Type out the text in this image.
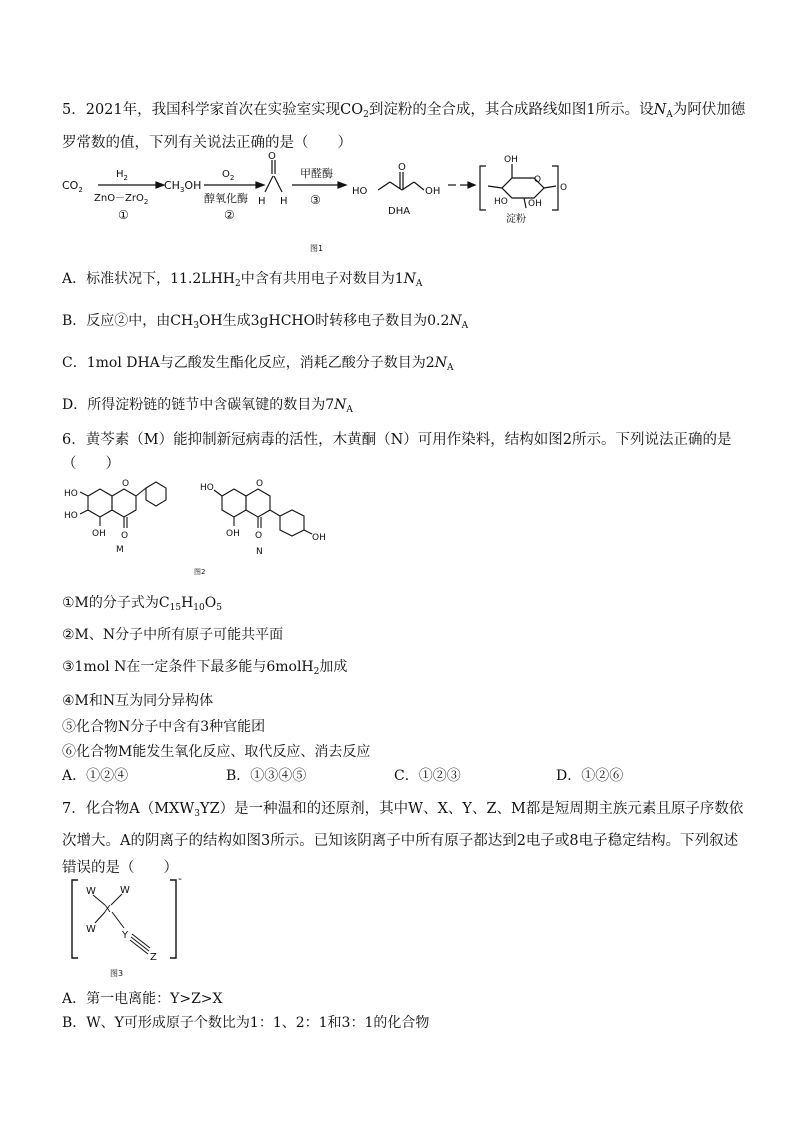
5．2021年，我国科学家首次在实验室实现$CO_2$到淀粉的全合成，其合成路线如图1所示。设$N_A$为阿伏加德
罗常数的值，下列有关说法正确的是（　　）
$CO_2$
$H_2$
ZnO－ZrO$_2$
①
$CH_3OH$
$O_2$
醇氧化酶
②
O
H H
甲醛酶
③
HO
O
OH
DHA
OH
HO
O
OH
O
淀粉
图1
A．标准状况下，$11.2LHH_2$中含有共用电子对数目为$1N_A$
B．反应②中，由$CH_3OH$生成3gHCHO时转移电子数目为$0.2N_A$
C．1mol DHA与乙酸发生酯化反应，消耗乙酸分子数目为$2N_A$
D．所得淀粉链的链节中含碳氧键的数目为$7N_A$
6．黄芩素（M）能抑制新冠病毒的活性，木黄酮（N）可用作染料，结构如图2所示。下列说法正确的是
（　　）
HO
HO
OH
O
O
M
HO
OH
O
O	OH
N
图2
①M的分子式为$C_{15}H_{10}O_5$
②M、N分子中所有原子可能共平面
③1mol N在一定条件下最多能与6molH$_2$加成
④M和N互为同分异构体
⑤化合物N分子中含有3种官能团
⑥化合物M能发生氧化反应、取代反应、消去反应
A．①②④	B．①③④⑤	C．①②③	D．①②⑥
7．化合物$A(MXW_3YZ)$是一种温和的还原剂，其中W、X、Y、Z、M都是短周期主族元素且原子序数依
次增大。A的阴离子的结构如图3所示。已知该阴离子中所有原子都达到2电子或8电子稳定结构。下列叙述
错误的是（　　）
W W
X
W
Y
Z
-
图3
A．第一电离能：Y>Z>X
B．W、Y可形成原子个数比为1：1、2：1和3：1的化合物
